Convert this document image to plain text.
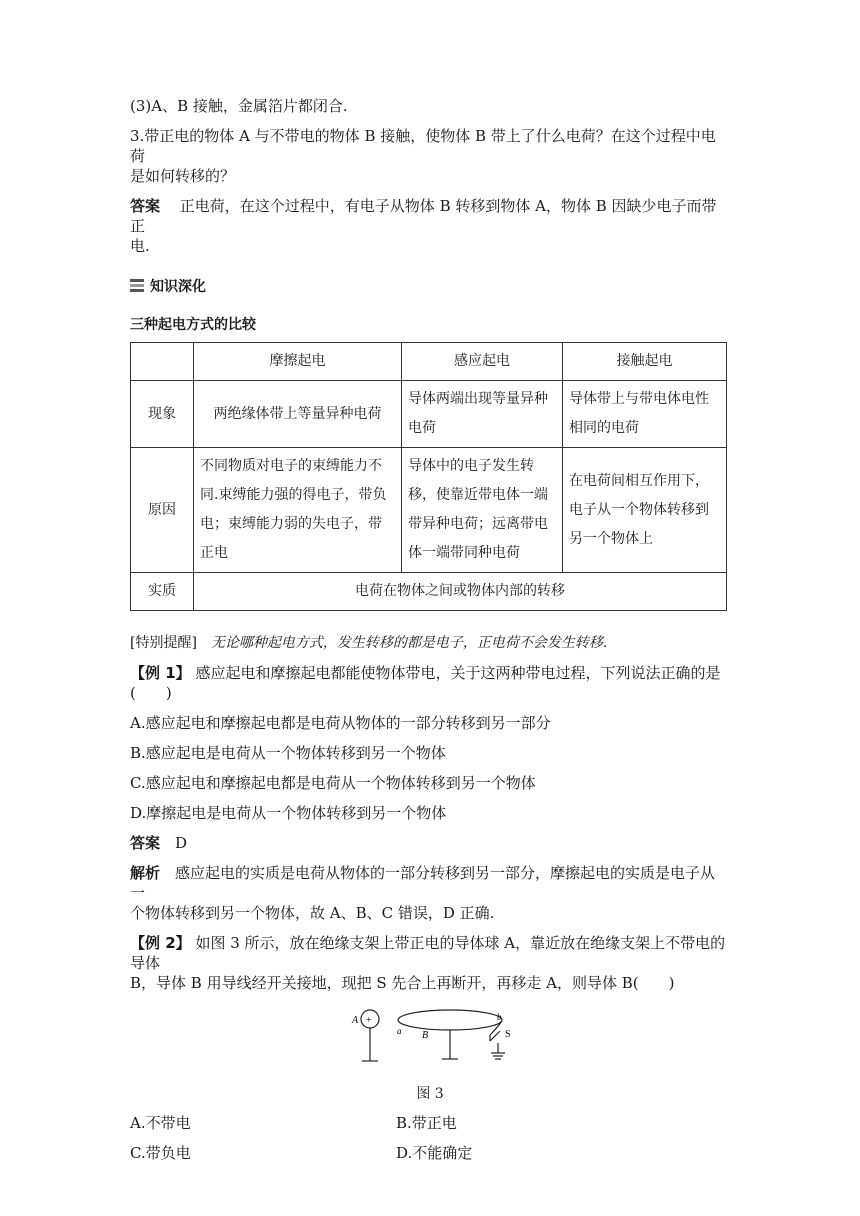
(3)A、B 接触，金属箔片都闭合.

3.带正电的物体 A 与不带电的物体 B 接触，使物体 B 带上了什么电荷？在这个过程中电荷
是如何转移的？

答案　 正电荷，在这个过程中，有电子从物体 B 转移到物体 A，物体 B 因缺少电子而带正
电.

知识深化
三种起电方式的比较
	摩擦起电	感应起电	接触起电
现象	两绝缘体带上等量异种电荷	导体两端出现等量异种电荷	导体带上与带电体电性相同的电荷
原因	不同物质对电子的束缚能力不同.束缚能力强的得电子，带负电；束缚能力弱的失电子，带正电	导体中的电子发生转移，使靠近带电体一端带异种电荷；远离带电体一端带同种电荷	在电荷间相互作用下，电子从一个物体转移到另一个物体上
实质	电荷在物体之间或物体内部的转移		

[特别提醒]　 无论哪种起电方式，发生转移的都是电子，正电荷不会发生转移.

【例 1】 感应起电和摩擦起电都能使物体带电，关于这两种带电过程，下列说法正确的是
(　　)

A.感应起电和摩擦起电都是电荷从物体的一部分转移到另一部分

B.感应起电是电荷从一个物体转移到另一个物体

C.感应起电和摩擦起电都是电荷从一个物体转移到另一个物体

D.摩擦起电是电荷从一个物体转移到另一个物体

答案　 D

解析　 感应起电的实质是电荷从物体的一部分转移到另一部分，摩擦起电的实质是电子从一
个物体转移到另一个物体，故 A、B、C 错误，D 正确.

【例 2】 如图 3 所示，放在绝缘支架上带正电的导体球 A，靠近放在绝缘支架上不带电的导体
B，导体 B 用导线经开关接地，现把 S 先合上再断开，再移走 A，则导体 B(　　)

A +
a B
b
S
图 3
A.不带电	B.带正电
C.带负电	D.不能确定
